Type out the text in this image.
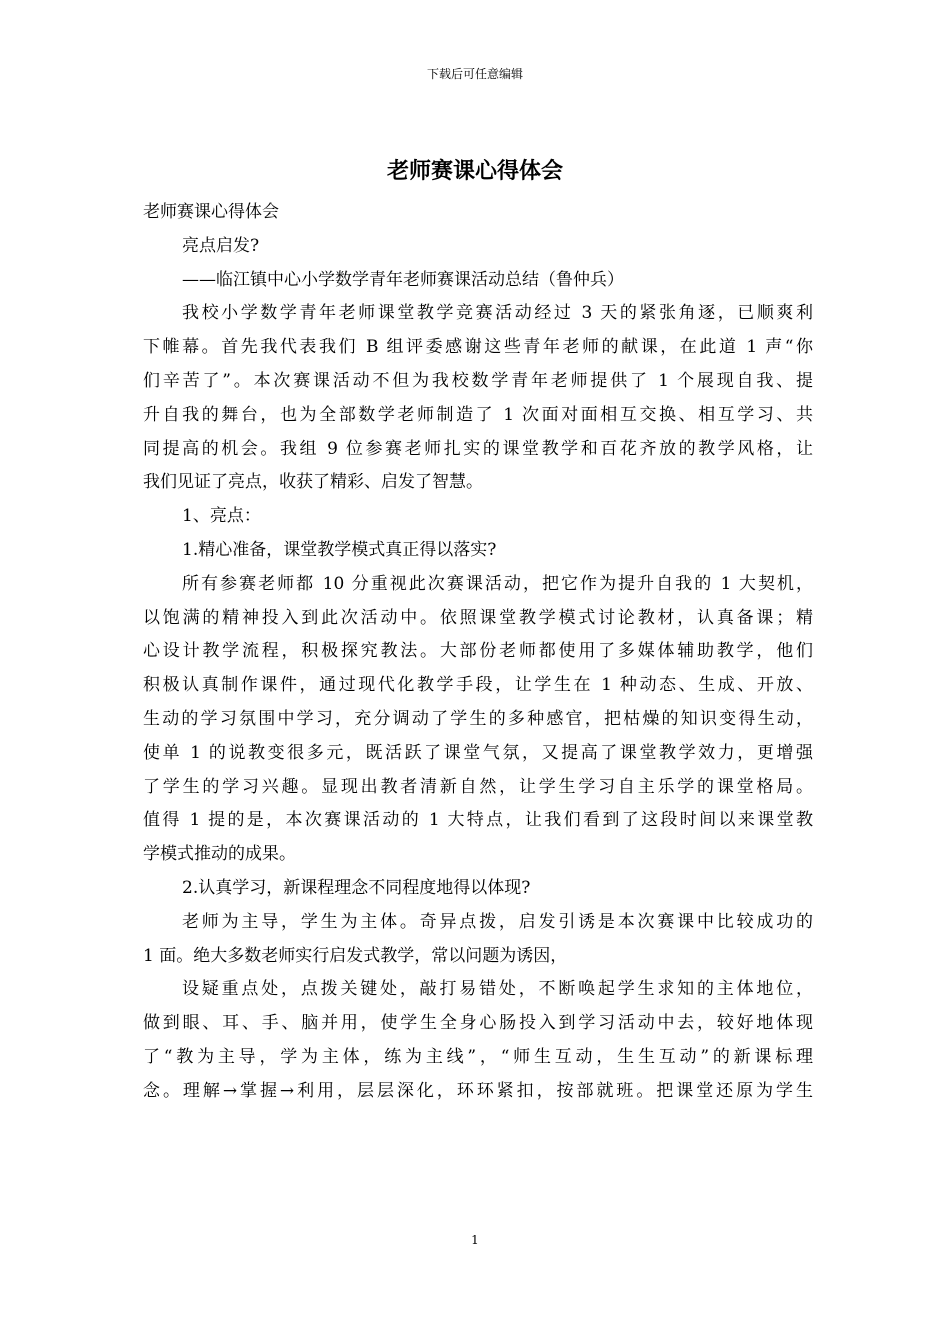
下载后可任意编辑
老师赛课心得体会
老师赛课心得体会
亮点启发?
——临江镇中心小学数学青年老师赛课活动总结（鲁仲兵）
我校小学数学青年老师课堂教学竞赛活动经过 3 天的紧张角逐，已顺爽利
下帷幕。首先我代表我们 B 组评委感谢这些青年老师的献课，在此道 1 声“你
们辛苦了”。本次赛课活动不但为我校数学青年老师提供了 1 个展现自我、提
升自我的舞台，也为全部数学老师制造了 1 次面对面相互交换、相互学习、共
同提高的机会。我组 9 位参赛老师扎实的课堂教学和百花齐放的教学风格，让
我们见证了亮点，收获了精彩、启发了智慧。
1、亮点：
1.精心准备，课堂教学模式真正得以落实?
所有参赛老师都 10 分重视此次赛课活动，把它作为提升自我的 1 大契机，
以饱满的精神投入到此次活动中。依照课堂教学模式讨论教材，认真备课；精
心设计教学流程，积极探究教法。大部份老师都使用了多媒体辅助教学，他们
积极认真制作课件，通过现代化教学手段，让学生在 1 种动态、生成、开放、
生动的学习氛围中学习，充分调动了学生的多种感官，把枯燥的知识变得生动，
使单 1 的说教变很多元，既活跃了课堂气氛，又提高了课堂教学效力，更增强
了学生的学习兴趣。显现出教者清新自然，让学生学习自主乐学的课堂格局。
值得 1 提的是，本次赛课活动的 1 大特点，让我们看到了这段时间以来课堂教
学模式推动的成果。
2.认真学习，新课程理念不同程度地得以体现?
老师为主导，学生为主体。奇异点拨，启发引诱是本次赛课中比较成功的
1 面。绝大多数老师实行启发式教学，常以问题为诱因，
设疑重点处，点拨关键处，敲打易错处，不断唤起学生求知的主体地位，
做到眼、耳、手、脑并用，使学生全身心肠投入到学习活动中去，较好地体现
了“教为主导，学为主体，练为主线”，“师生互动，生生互动”的新课标理
念。理解→掌握→利用，层层深化，环环紧扣，按部就班。把课堂还原为学生
1
